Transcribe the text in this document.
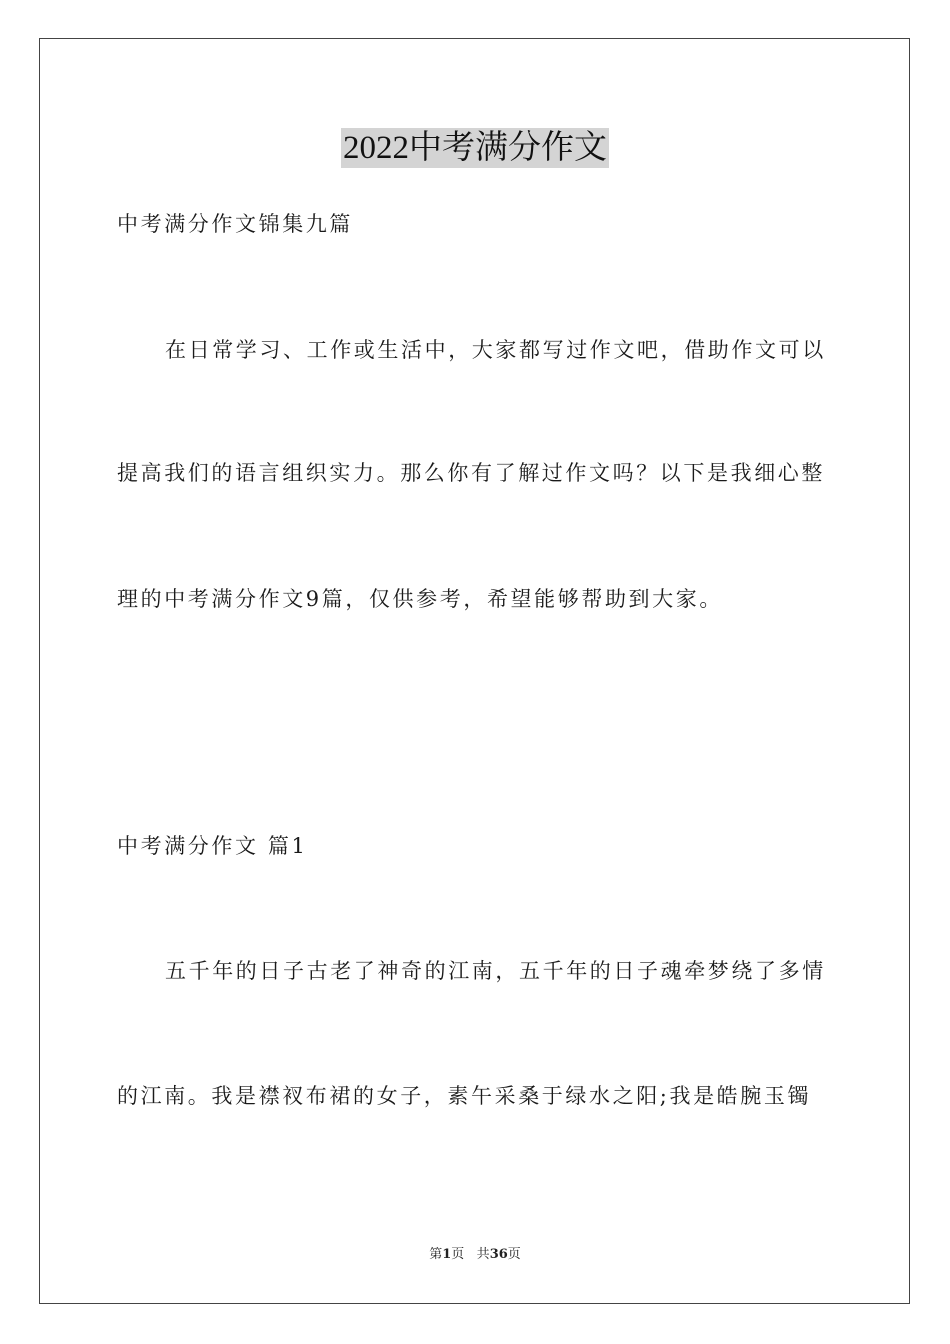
2022中考满分作文
中考满分作文锦集九篇
在日常学习、工作或生活中，大家都写过作文吧，借助作文可以
提高我们的语言组织实力。那么你有了解过作文吗？以下是我细心整
理的中考满分作文9篇，仅供参考，希望能够帮助到大家。
中考满分作文 篇1
五千年的日子古老了神奇的江南，五千年的日子魂牵梦绕了多情
的江南。我是襟衩布裙的女子，素午采桑于绿水之阳;我是皓腕玉镯
第1页 共36页
